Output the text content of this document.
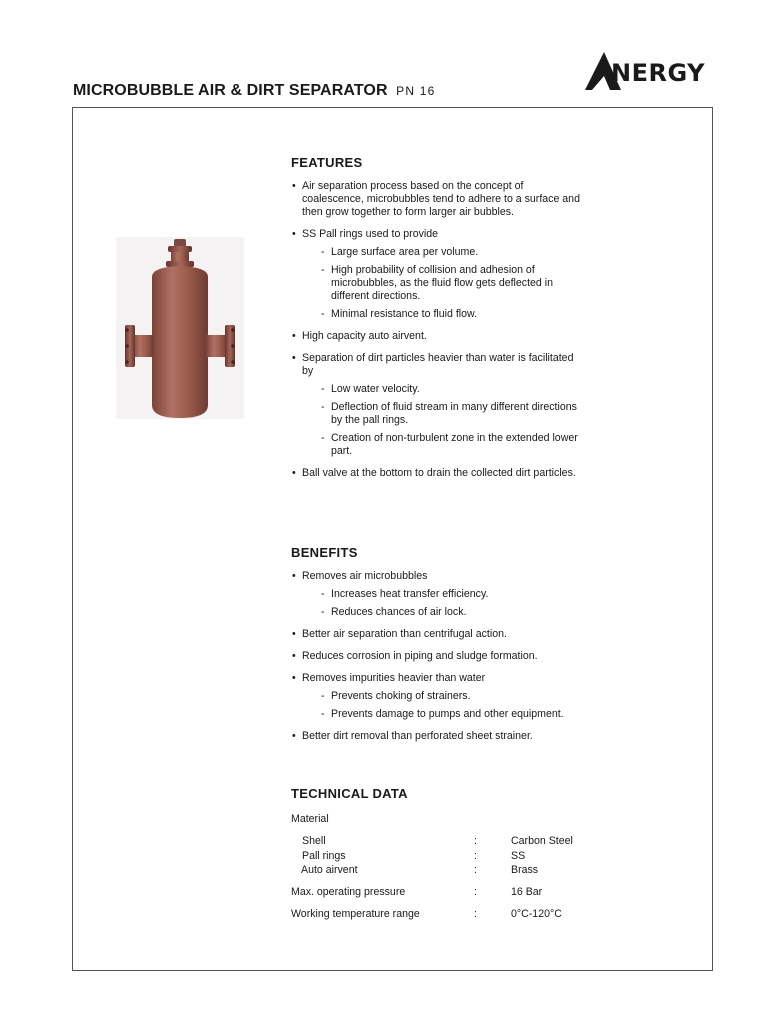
NERGY
MICROBUBBLE AIR & DIRT SEPARATOR PN 16
FEATURES
• Air separation process based on the concept of coalescence, microbubbles tend to adhere to a surface and then grow together to form larger air bubbles.
• SS Pall rings used to provide
- Large surface area per volume.
- High probability of collision and adhesion of microbubbles, as the fluid flow gets deflected in different directions.
- Minimal resistance to fluid flow.
• High capacity auto airvent.
• Separation of dirt particles heavier than water is facilitated by
- Low water velocity.
- Deflection of fluid stream in many different directions by the pall rings.
- Creation of non-turbulent zone in the extended lower part.
• Ball valve at the bottom to drain the collected dirt particles.
BENEFITS
• Removes air microbubbles
- Increases heat transfer efficiency.
- Reduces chances of air lock.
• Better air separation than centrifugal action.
• Reduces corrosion in piping and sludge formation.
• Removes impurities heavier than water
- Prevents choking of strainers.
- Prevents damage to pumps and other equipment.
• Better dirt removal than perforated sheet strainer.
TECHNICAL DATA
Material
Shell	:	Carbon Steel
Pall rings	:	SS
Auto airvent	:	Brass
Max. operating pressure	:	16 Bar
Working temperature range	:	0°C-120°C
